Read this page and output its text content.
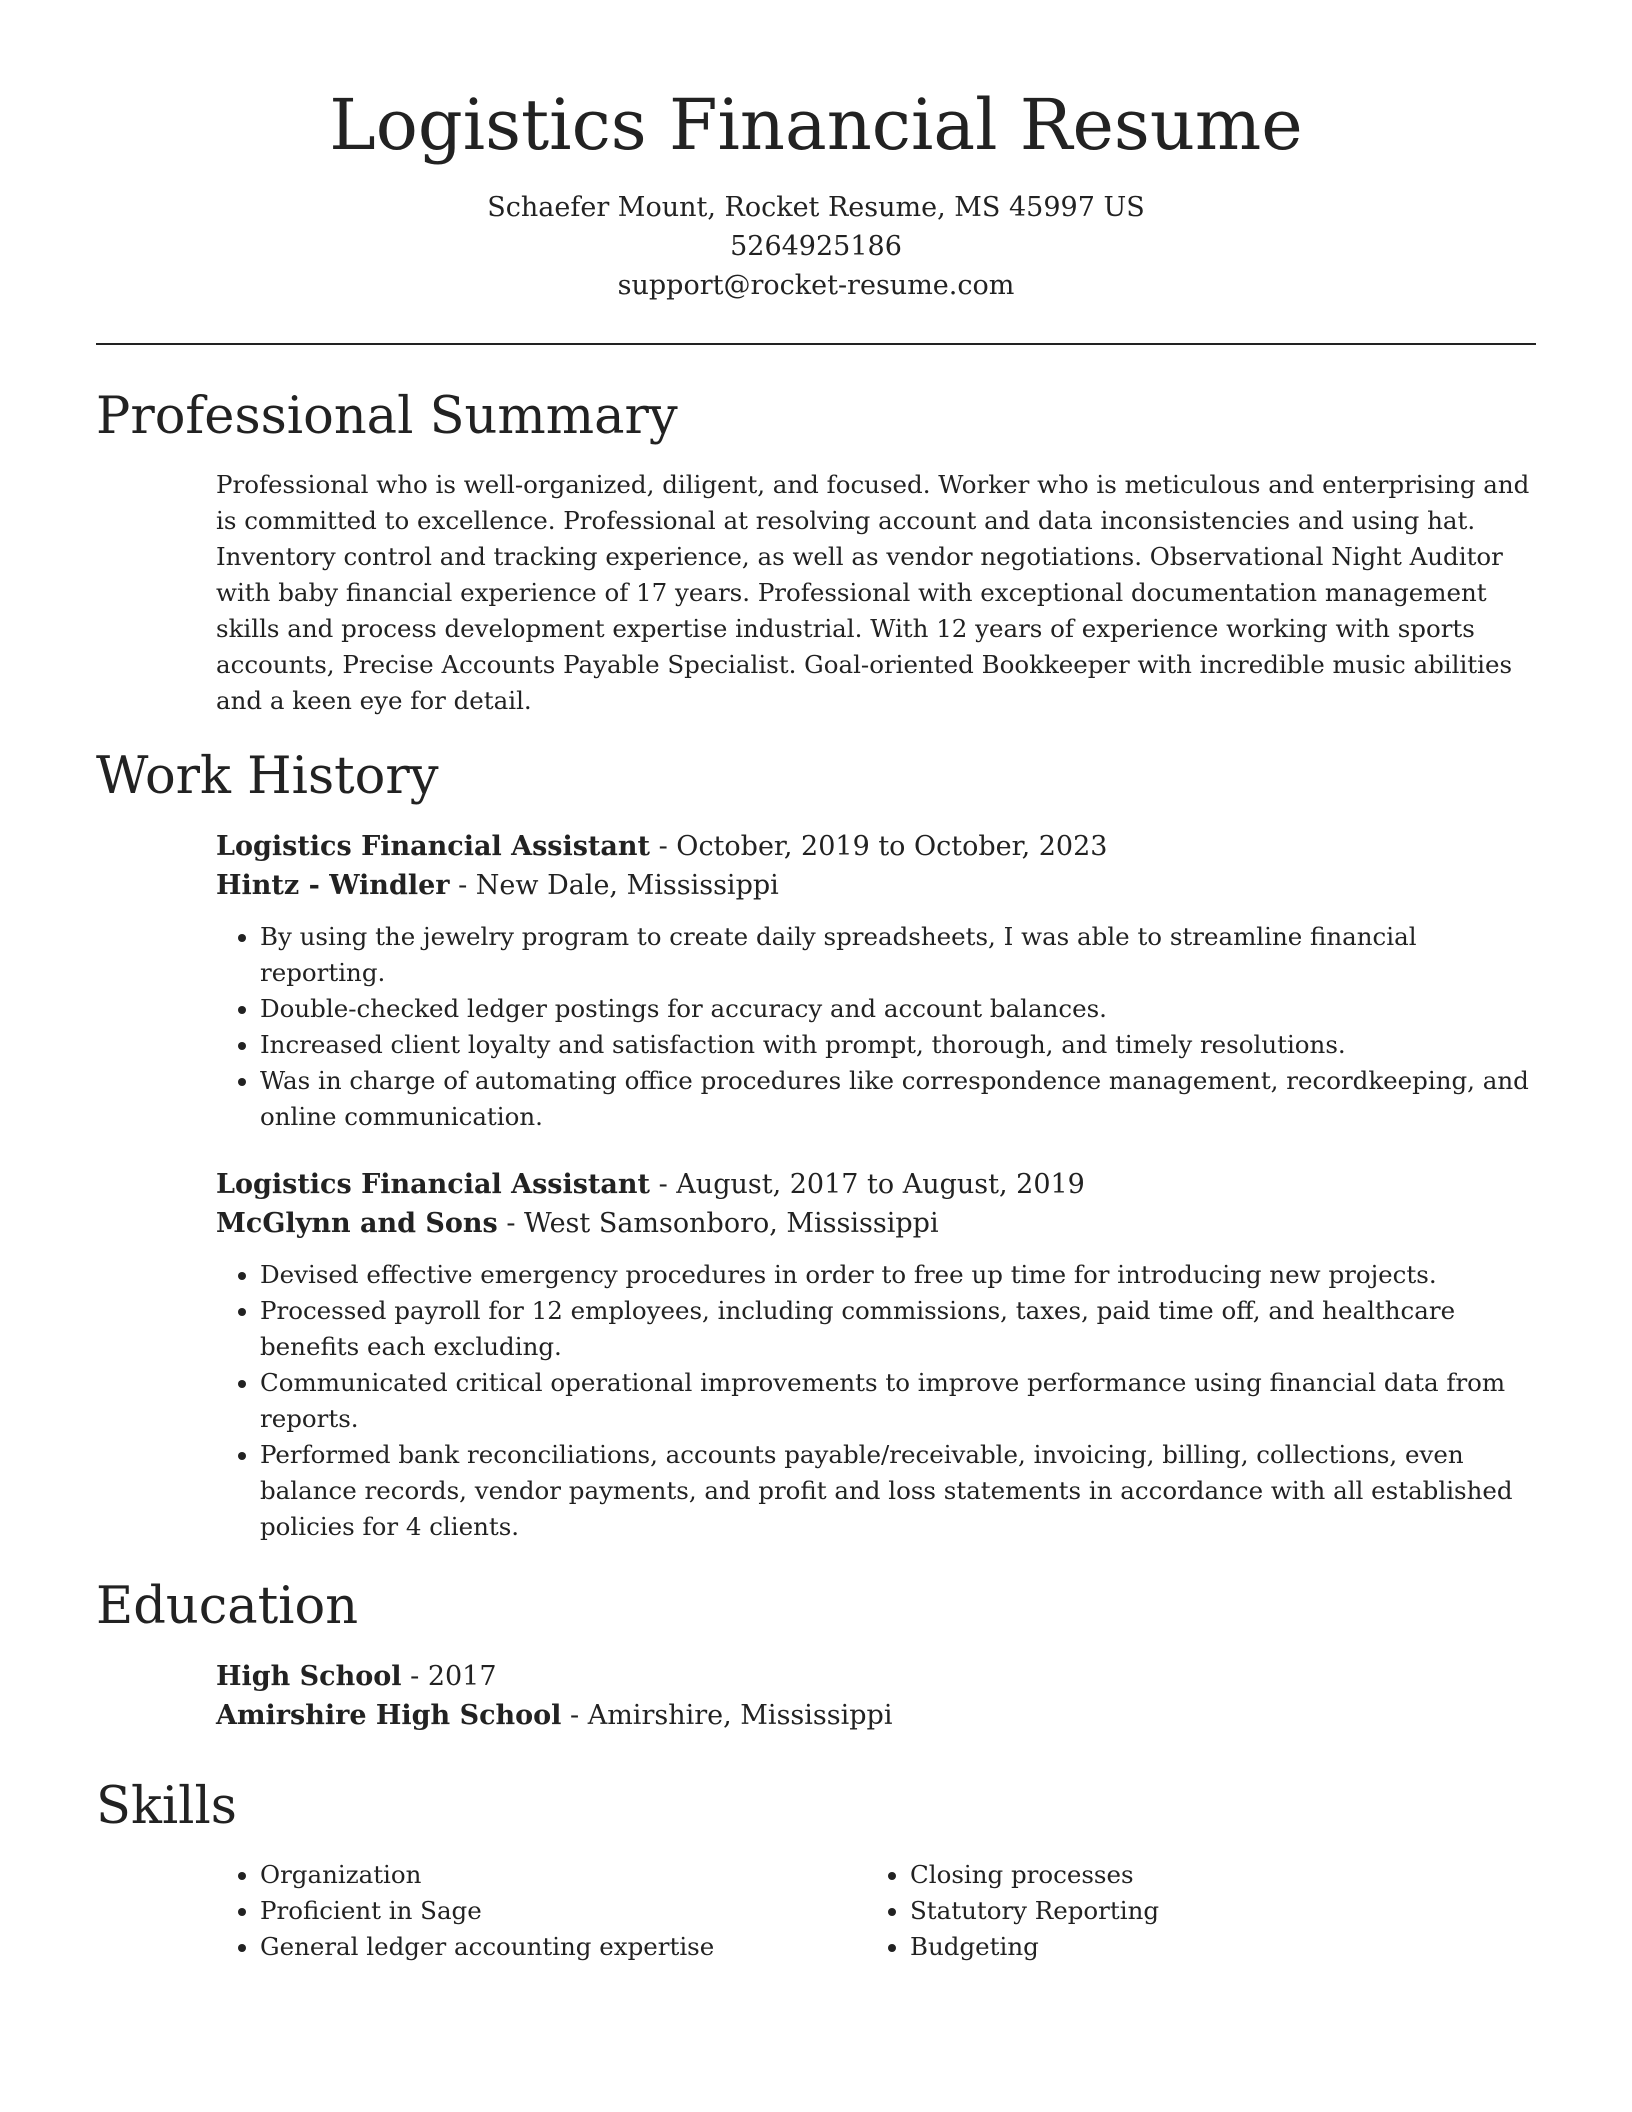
Logistics Financial Resume
Schaefer Mount, Rocket Resume, MS 45997 US
5264925186
support@rocket-resume.com
Professional Summary

Professional who is well-organized, diligent, and focused. Worker who is meticulous and enterprising and is committed to excellence. Professional at resolving account and data inconsistencies and using hat. Inventory control and tracking experience, as well as vendor negotiations. Observational Night Auditor with baby financial experience of 17 years. Professional with exceptional documentation management skills and process development expertise industrial. With 12 years of experience working with sports accounts, Precise Accounts Payable Specialist. Goal-oriented Bookkeeper with incredible music abilities and a keen eye for detail.

Work History
Logistics Financial Assistant - October, 2019 to October, 2023
Hintz - Windler - New Dale, Mississippi
• By using the jewelry program to create daily spreadsheets, I was able to streamline financial reporting.
• Double-checked ledger postings for accuracy and account balances.
• Increased client loyalty and satisfaction with prompt, thorough, and timely resolutions.
• Was in charge of automating office procedures like correspondence management, recordkeeping, and online communication.
Logistics Financial Assistant - August, 2017 to August, 2019
McGlynn and Sons - West Samsonboro, Mississippi
• Devised effective emergency procedures in order to free up time for introducing new projects.
• Processed payroll for 12 employees, including commissions, taxes, paid time off, and healthcare benefits each excluding.
• Communicated critical operational improvements to improve performance using financial data from reports.
• Performed bank reconciliations, accounts payable/receivable, invoicing, billing, collections, even balance records, vendor payments, and profit and loss statements in accordance with all established policies for 4 clients.
Education
High School - 2017
Amirshire High School - Amirshire, Mississippi
Skills
• Organization
• Proficient in Sage
• General ledger accounting expertise
• Closing processes
• Statutory Reporting
• Budgeting
